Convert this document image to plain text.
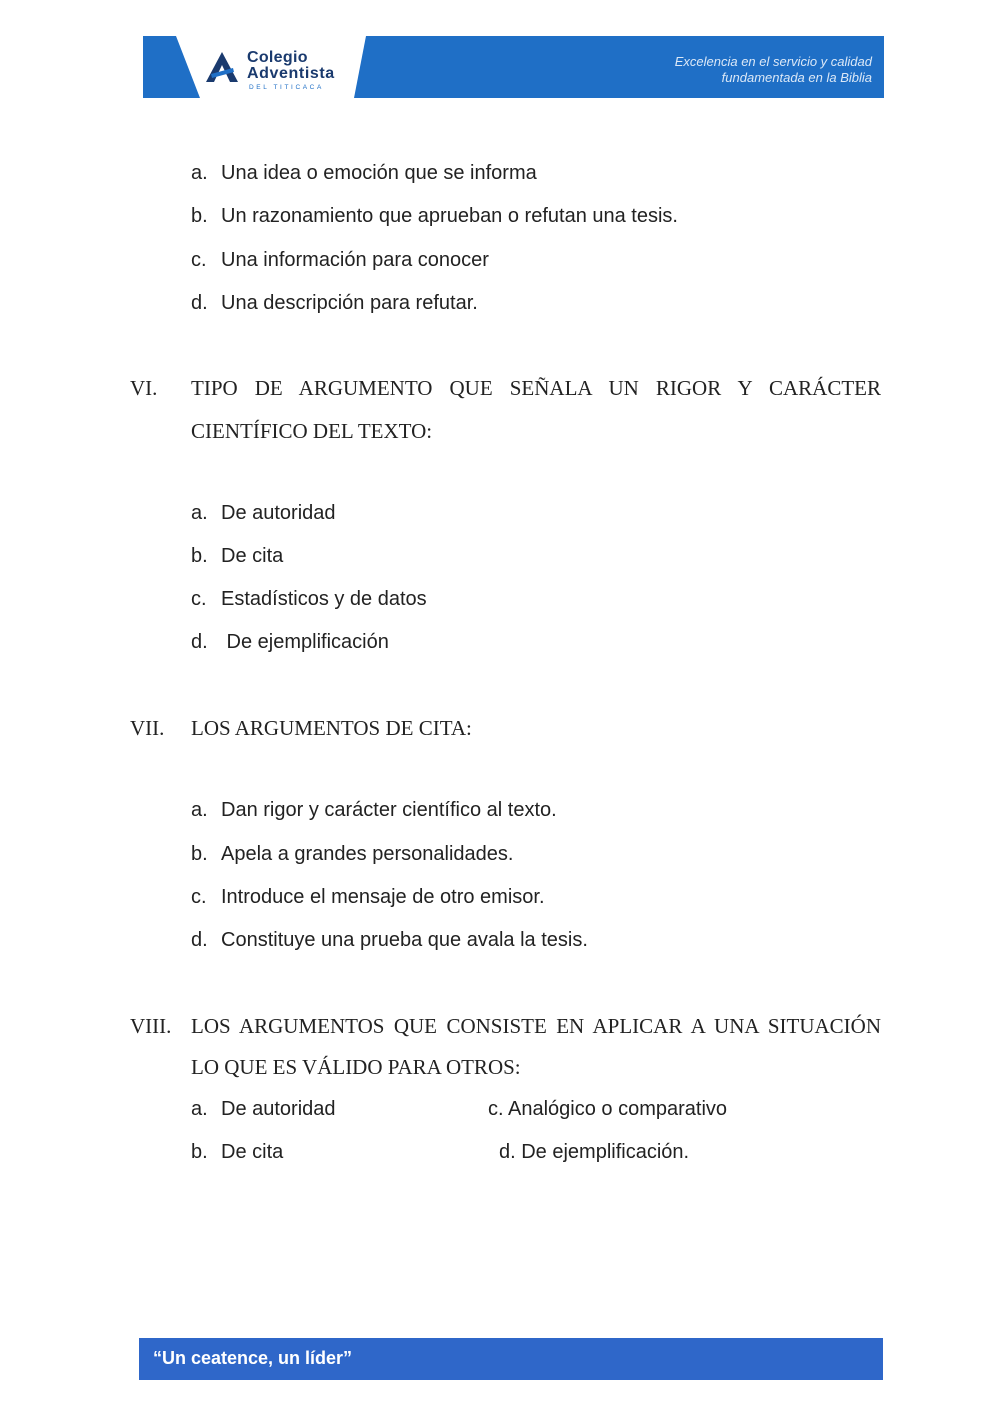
Colegio
Adventista
DEL TITICACA
Excelencia en el servicio y calidad
fundamentada en la Biblia
a. Una idea o emoción que se informa
b. Un razonamiento que aprueban o refutan una tesis.
c. Una información para conocer
d. Una descripción para refutar.
VI. TIPO DE ARGUMENTO QUE SEÑALA UN RIGOR Y CARÁCTER
CIENTÍFICO DEL TEXTO:
a. De autoridad
b. De cita
c. Estadísticos y de datos
d. De ejemplificación
VII. LOS ARGUMENTOS DE CITA:
a. Dan rigor y carácter científico al texto.
b. Apela a grandes personalidades.
c. Introduce el mensaje de otro emisor.
d. Constituye una prueba que avala la tesis.
VIII. LOS ARGUMENTOS QUE CONSISTE EN APLICAR A UNA SITUACIÓN
LO QUE ES VÁLIDO PARA OTROS:
a. De autoridad
b. De cita
c. Analógico o comparativo
d. De ejemplificación.
“Un ceatence, un líder”
